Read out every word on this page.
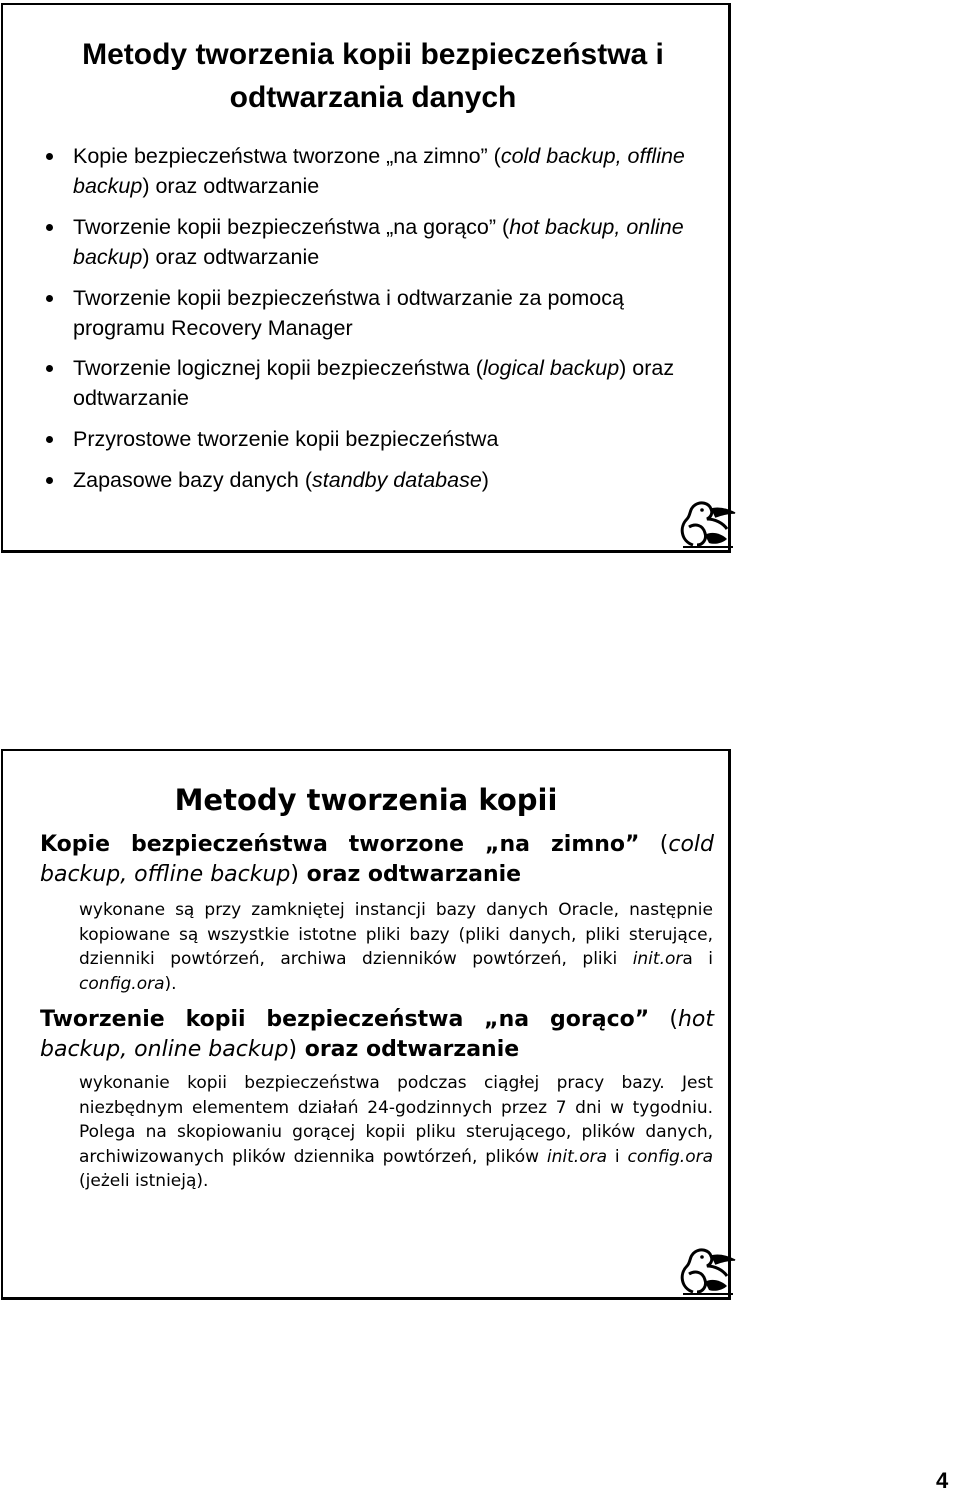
Metody tworzenia kopii bezpieczeństwa i odtwarzania danych
Kopie bezpieczeństwa tworzone „na zimno” (cold backup, offline backup) oraz odtwarzanie
Tworzenie kopii bezpieczeństwa „na gorąco” (hot backup, online backup) oraz odtwarzanie
Tworzenie kopii bezpieczeństwa i odtwarzanie za pomocą programu Recovery Manager
Tworzenie logicznej kopii bezpieczeństwa (logical backup) oraz odtwarzanie
Przyrostowe tworzenie kopii bezpieczeństwa
Zapasowe bazy danych (standby database)
Metody tworzenia kopii
Kopie bezpieczeństwa tworzone „na zimno” (cold backup, offline backup) oraz odtwarzanie
wykonane są przy zamkniętej instancji bazy danych Oracle, następnie kopiowane są wszystkie istotne pliki bazy (pliki danych, pliki sterujące, dzienniki powtórzeń, archiwa dzienników powtórzeń, pliki init.ora i config.ora).
Tworzenie kopii bezpieczeństwa „na gorąco” (hot backup, online backup) oraz odtwarzanie
wykonanie kopii bezpieczeństwa podczas ciągłej pracy bazy. Jest niezbędnym elementem działań 24-godzinnych przez 7 dni w tygodniu. Polega na skopiowaniu gorącej kopii pliku sterującego, plików danych, archiwizowanych plików dziennika powtórzeń, plików init.ora i config.ora (jeżeli istnieją).
4
